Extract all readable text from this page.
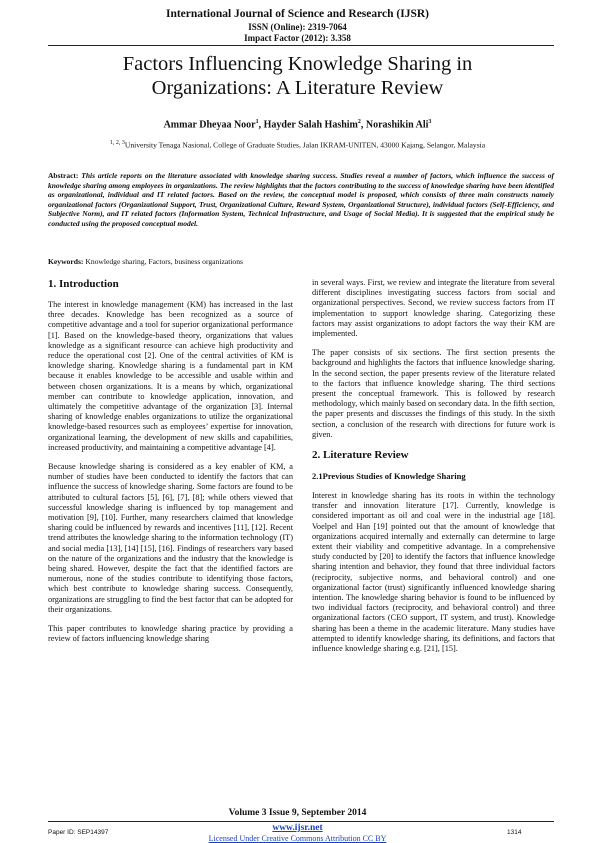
International Journal of Science and Research (IJSR)
ISSN (Online): 2319-7064
Impact Factor (2012): 3.358
Factors Influencing Knowledge Sharing in
Organizations: A Literature Review
Ammar Dheyaa Noor$^1$, Hayder Salah Hashim$^2$, Norashikin Ali$^3$
$^{1, 2, 3}$University Tenaga Nasional, College of Graduate Studies, Jalan IKRAM-UNITEN, 43000 Kajang, Selangor, Malaysia
Abstract: This article reports on the literature associated with knowledge sharing success. Studies reveal a number of factors, which influence the success of knowledge sharing among employees in organizations. The review highlights that the factors contributing to the success of knowledge sharing have been identified as organizational, individual and IT related factors. Based on the review, the conceptual model is proposed, which consists of three main constructs namely organizational factors (Organizational Support, Trust, Organizational Culture, Reward System, Organizational Structure), individual factors (Self-Efficiency, and Subjective Norm), and IT related factors (Information System, Technical Infrastructure, and Usage of Social Media). It is suggested that the empirical study be conducted using the proposed conceptual model.
Keywords: Knowledge sharing, Factors, business organizations
1. Introduction

The interest in knowledge management (KM) has increased in the last three decades. Knowledge has been recognized as a source of competitive advantage and a tool for superior organizational performance [1]. Based on the knowledge-based theory, organizations that values knowledge as a significant resource can achieve high productivity and reduce the operational cost [2]. One of the central activities of KM is knowledge sharing. Knowledge sharing is a fundamental part in KM because it enables knowledge to be accessible and usable within and between chosen organizations. It is a means by which, organizational member can contribute to knowledge application, innovation, and ultimately the competitive advantage of the organization [3]. Internal sharing of knowledge enables organizations to utilize the organizational knowledge-based resources such as employees’ expertise for innovation, organizational learning, the development of new skills and capabilities, increased productivity, and maintaining a competitive advantage [4].

Because knowledge sharing is considered as a key enabler of KM, a number of studies have been conducted to identify the factors that can influence the success of knowledge sharing. Some factors are found to be attributed to cultural factors [5], [6], [7], [8]; while others viewed that successful knowledge sharing is influenced by top management and motivation [9], [10]. Further, many researchers claimed that knowledge sharing could be influenced by rewards and incentives [11], [12]. Recent trend attributes the knowledge sharing to the information technology (IT) and social media [13], [14] [15], [16]. Findings of researchers vary based on the nature of the organizations and the industry that the knowledge is being shared. However, despite the fact that the identified factors are numerous, none of the studies contribute to identifying those factors, which best contribute to knowledge sharing success. Consequently, organizations are struggling to find the best factor that can be adopted for their organizations.

This paper contributes to knowledge sharing practice by providing a review of factors influencing knowledge sharing

in several ways. First, we review and integrate the literature from several different disciplines investigating success factors from social and organizational perspectives. Second, we review success factors from IT implementation to support knowledge sharing. Categorizing these factors may assist organizations to adopt factors the way their KM are implemented.

The paper consists of six sections. The first section presents the background and highlights the factors that influence knowledge sharing. In the second section, the paper presents review of the literature related to the factors that influence knowledge sharing. The third sections present the conceptual framework. This is followed by research methodology, which mainly based on secondary data. In the fifth section, the paper presents and discusses the findings of this study. In the sixth section, a conclusion of the research with directions for future work is given.

2. Literature Review
2.1Previous Studies of Knowledge Sharing

Interest in knowledge sharing has its roots in within the technology transfer and innovation literature [17]. Currently, knowledge is considered important as oil and coal were in the industrial age [18]. Voelpel and Han [19] pointed out that the amount of knowledge that organizations acquired internally and externally can determine to large extent their viability and competitive advantage. In a comprehensive study conducted by [20] to identify the factors that influence knowledge sharing intention and behavior, they found that three individual factors (reciprocity, subjective norms, and behavioral control) and one organizational factor (trust) significantly influenced knowledge sharing intention. The knowledge sharing behavior is found to be influenced by two individual factors (reciprocity, and behavioral control) and three organizational factors (CEO support, IT system, and trust). Knowledge sharing has been a theme in the academic literature. Many studies have attempted to identify knowledge sharing, its definitions, and factors that influence knowledge sharing e.g. [21], [15].

Volume 3 Issue 9, September 2014
www.ijsr.net
Paper ID: SEP14397	1314
Licensed Under Creative Commons Attribution CC BY
